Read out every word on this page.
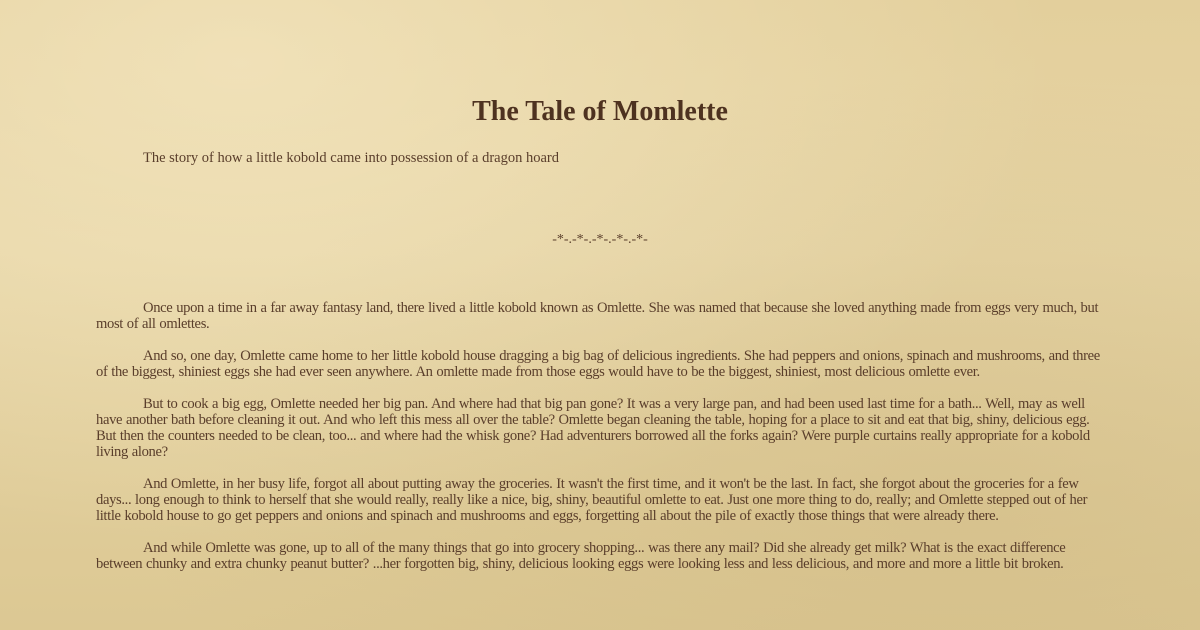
The Tale of Momlette

The story of how a little kobold came into possession of a dragon hoard

-*-.-*-.-*-.-*-.-*-

Once upon a time in a far away fantasy land, there lived a little kobold known as Omlette. She was named that because she loved anything made from eggs very much, but most of all omlettes.

And so, one day, Omlette came home to her little kobold house dragging a big bag of delicious ingredients. She had peppers and onions, spinach and mushrooms, and three of the biggest, shiniest eggs she had ever seen anywhere. An omlette made from those eggs would have to be the biggest, shiniest, most delicious omlette ever.

But to cook a big egg, Omlette needed her big pan. And where had that big pan gone? It was a very large pan, and had been used last time for a bath... Well, may as well have another bath before cleaning it out. And who left this mess all over the table? Omlette began cleaning the table, hoping for a place to sit and eat that big, shiny, delicious egg. But then the counters needed to be clean, too... and where had the whisk gone? Had adventurers borrowed all the forks again? Were purple curtains really appropriate for a kobold living alone?

And Omlette, in her busy life, forgot all about putting away the groceries. It wasn't the first time, and it won't be the last. In fact, she forgot about the groceries for a few days... long enough to think to herself that she would really, really like a nice, big, shiny, beautiful omlette to eat. Just one more thing to do, really; and Omlette stepped out of her little kobold house to go get peppers and onions and spinach and mushrooms and eggs, forgetting all about the pile of exactly those things that were already there.

And while Omlette was gone, up to all of the many things that go into grocery shopping... was there any mail? Did she already get milk? What is the exact difference between chunky and extra chunky peanut butter? ...her forgotten big, shiny, delicious looking eggs were looking less and less delicious, and more and more a little bit broken.
